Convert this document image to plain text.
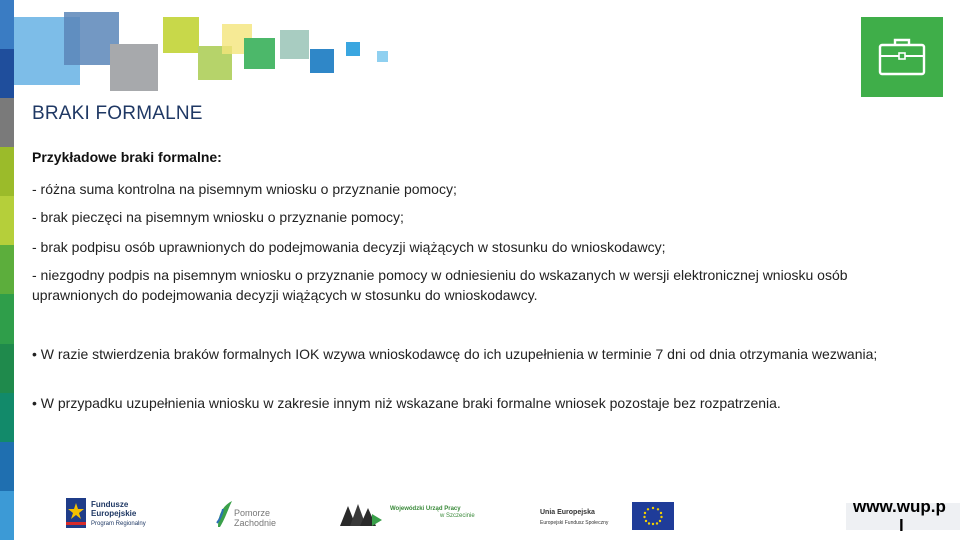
BRAKI FORMALNE
Przykładowe braki formalne:
- różna suma kontrolna na pisemnym wniosku o przyznanie pomocy;
- brak pieczęci na pisemnym wniosku o przyznanie pomocy;
- brak podpisu osób uprawnionych do podejmowania decyzji wiążących w stosunku do wnioskodawcy;
- niezgodny podpis na pisemnym wniosku o przyznanie pomocy w odniesieniu do wskazanych w wersji elektronicznej wniosku osób uprawnionych do podejmowania decyzji wiążących w stosunku do wnioskodawcy.
• W razie stwierdzenia braków formalnych IOK wzywa wnioskodawcę do ich uzupełnienia w terminie 7 dni od dnia otrzymania wezwania;
• W przypadku uzupełnienia wniosku w zakresie innym niż wskazane braki formalne wniosek pozostaje bez rozpatrzenia.
Fundusze
Europejskie
Program Regionalny
Pomorze
Zachodnie
Wojewódzki Urząd Pracy
w Szczecinie	Unia Europejska
Europejski Fundusz Społeczny
www.wup.p
l
